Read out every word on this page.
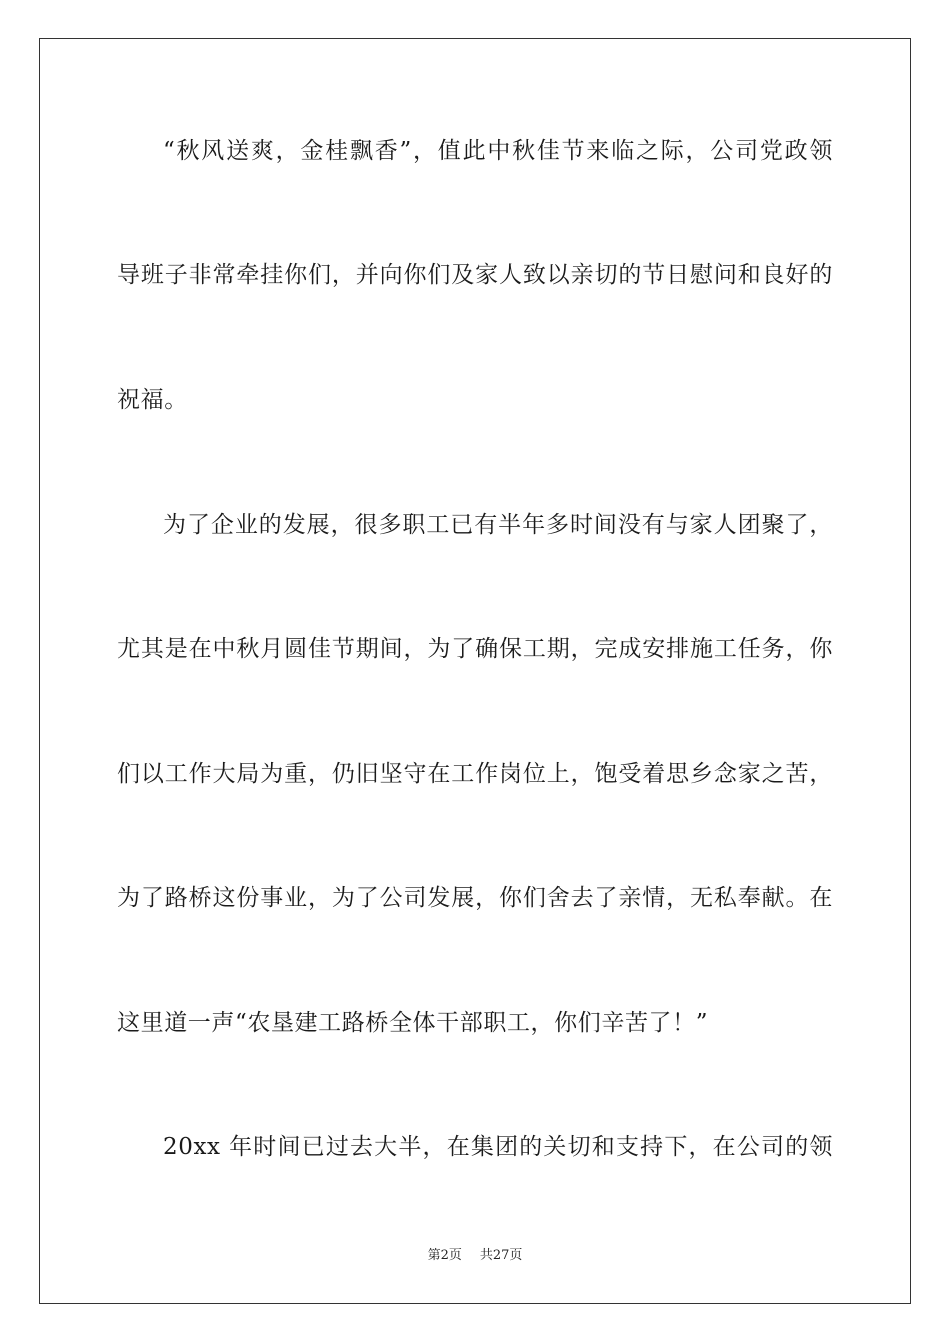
“秋风送爽，金桂飘香”，值此中秋佳节来临之际，公司党政领
导班子非常牵挂你们，并向你们及家人致以亲切的节日慰问和良好的
祝福。
为了企业的发展，很多职工已有半年多时间没有与家人团聚了，
尤其是在中秋月圆佳节期间，为了确保工期，完成安排施工任务，你
们以工作大局为重，仍旧坚守在工作岗位上，饱受着思乡念家之苦，
为了路桥这份事业，为了公司发展，你们舍去了亲情，无私奉献。在
这里道一声“农垦建工路桥全体干部职工，你们辛苦了！”
20xx 年时间已过去大半，在集团的关切和支持下，在公司的领
第2页 共27页
